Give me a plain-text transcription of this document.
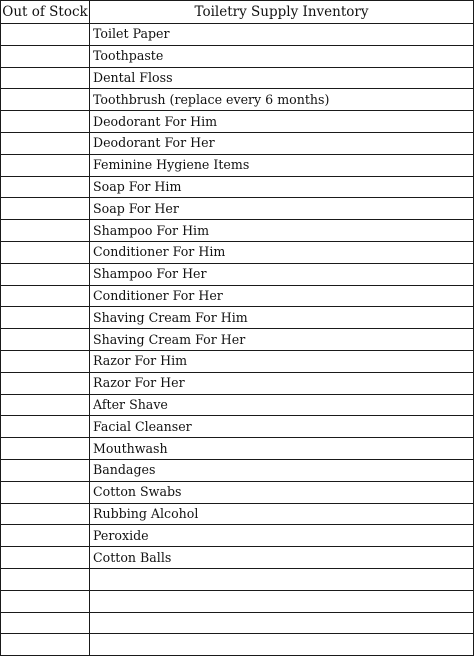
Out of Stock	Toiletry Supply Inventory
	Toilet Paper
	Toothpaste
	Dental Floss
	Toothbrush (replace every 6 months)
	Deodorant For Him
	Deodorant For Her
	Feminine Hygiene Items
	Soap For Him
	Soap For Her
	Shampoo For Him
	Conditioner For Him
	Shampoo For Her
	Conditioner For Her
	Shaving Cream For Him
	Shaving Cream For Her
	Razor For Him
	Razor For Her
	After Shave
	Facial Cleanser
	Mouthwash
	Bandages
	Cotton Swabs
	Rubbing Alcohol
	Peroxide
	Cotton Balls
